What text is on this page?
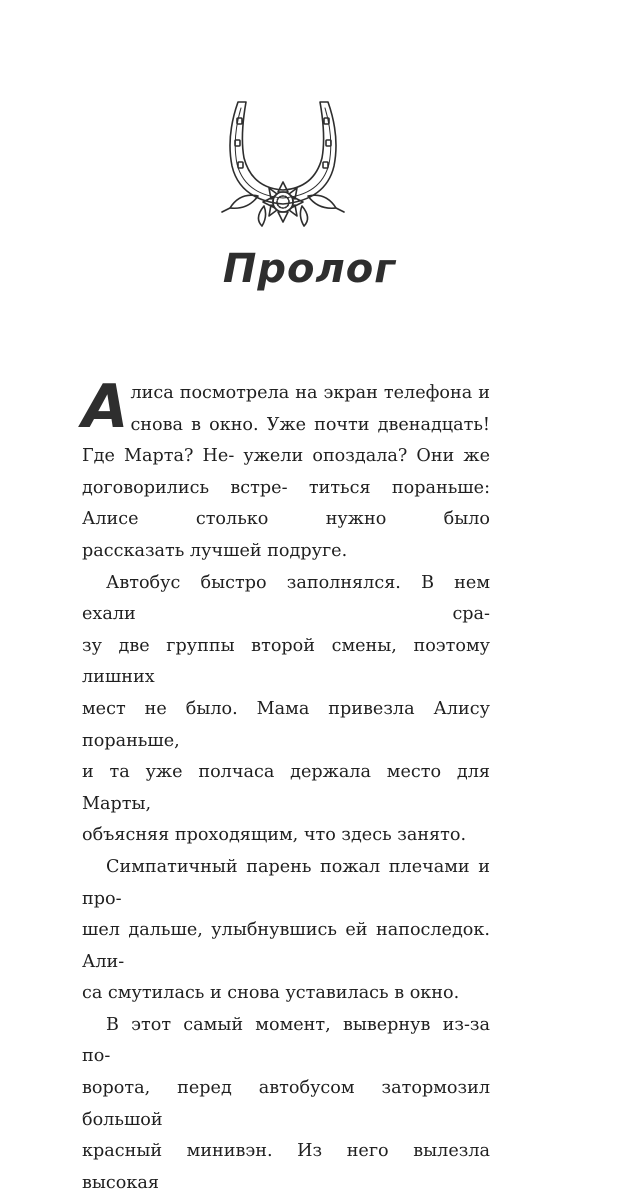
Пролог

Алиса посмотрела на экран телефона и снова в окно. Уже почти двенадцать! Где Марта? Не- ужели опоздала? Они же договорились встре- титься пораньше: Алисе столько нужно было

рассказать лучшей подруге.

Автобус быстро заполнялся. В нем ехали сра-

зу две группы второй смены, поэтому лишних

мест не было. Мама привезла Алису пораньше,

и та уже полчаса держала место для Марты,

объясняя проходящим, что здесь занято.

Симпатичный парень пожал плечами и про-

шел дальше, улыбнувшись ей напоследок. Али-

са смутилась и снова уставилась в окно.

В этот самый момент, вывернув из-за по-

ворота, перед автобусом затормозил большой

красный минивэн. Из него вылезла высокая
